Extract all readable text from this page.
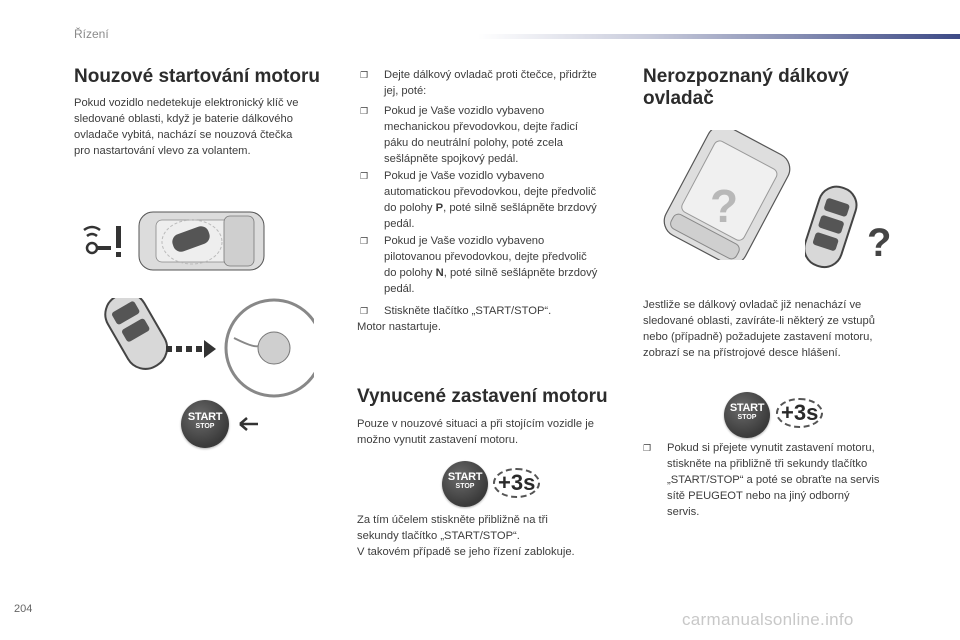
Řízení
Nouzové startování motoru

Pokud vozidlo nedetekuje elektronický klíč ve
sledované oblasti, když je baterie dálkového
ovladače vybitá, nachází se nouzová čtečka
pro nastartování vlevo za volantem.

START
STOP
❐ Dejte dálkový ovladač proti čtečce, přidržte
jej, poté:
❐ Pokud je Vaše vozidlo vybaveno
mechanickou převodovkou, dejte řadicí
páku do neutrální polohy, poté zcela
sešlápněte spojkový pedál.
❐ Pokud je Vaše vozidlo vybaveno
automatickou převodovkou, dejte předvolič
do polohy P, poté silně sešlápněte brzdový
pedál.
❐ Pokud je Vaše vozidlo vybaveno
pilotovanou převodovkou, dejte předvolič
do polohy N, poté silně sešlápněte brzdový
pedál.
❐ Stiskněte tlačítko „START/STOP“.

Motor nastartuje.

Vynucené zastavení motoru

Pouze v nouzové situaci a při stojícím vozidle je
možno vynutit zastavení motoru.

START
STOP	+3s

Za tím účelem stiskněte přibližně na tři
sekundy tlačítko „START/STOP“.
V takovém případě se jeho řízení zablokuje.

Nerozpoznaný dálkový
ovladač
?
?

Jestliže se dálkový ovladač již nenachází ve
sledované oblasti, zavíráte-li některý ze vstupů
nebo (případně) požadujete zastavení motoru,
zobrazí se na přístrojové desce hlášení.

START
STOP	+3s
❐ Pokud si přejete vynutit zastavení motoru,
stiskněte na přibližně tři sekundy tlačítko
„START/STOP“ a poté se obraťte na servis
sítě PEUGEOT nebo na jiný odborný
servis.
204
carmanualsonline.info
